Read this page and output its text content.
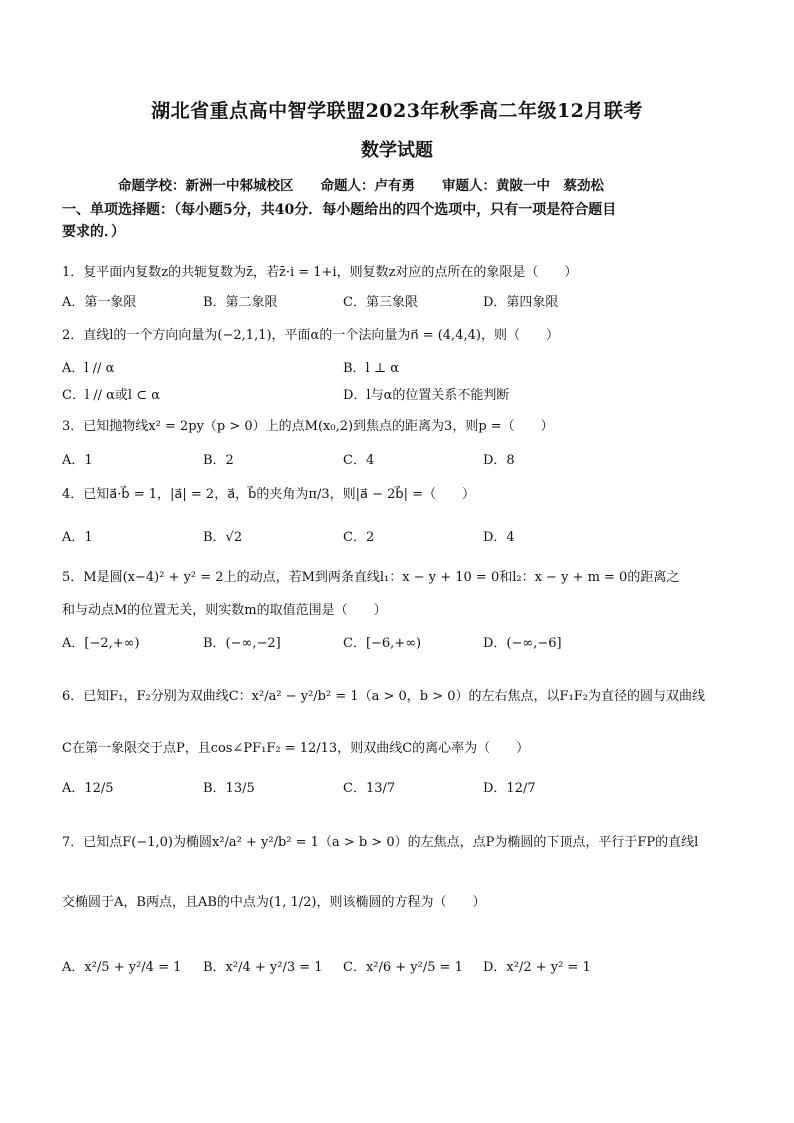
湖北省重点高中智学联盟2023年秋季高二年级12月联考
数学试题
命题学校：新洲一中邾城校区　　命题人：卢有勇　　审题人：黄陂一中　蔡劲松
一、单项选择题：（每小题5分，共40分．每小题给出的四个选项中，只有一项是符合题目
要求的．）
1．复平面内复数z的共轭复数为z̄，若z̄·i = 1+i，则复数z对应的点所在的象限是（　　）
A．第一象限	B．第二象限	C．第三象限	D．第四象限
2．直线l的一个方向向量为(−2,1,1)，平面α的一个法向量为n⃗ = (4,4,4)，则（　　）
A．l // α	B．l ⊥ α
C．l // α或l ⊂ α	D．l与α的位置关系不能判断
3．已知抛物线x² = 2py（p > 0）上的点M(x₀,2)到焦点的距离为3，则p =（　　）
A．1	B．2	C．4	D．8
4．已知a⃗·b⃗ = 1，|a⃗| = 2，a⃗，b⃗的夹角为π/3，则|a⃗ − 2b⃗| =（　　）
A．1	B．√2	C．2	D．4
5．M是圆(x−4)² + y² = 2上的动点，若M到两条直线l₁：x − y + 10 = 0和l₂：x − y + m = 0的距离之
和与动点M的位置无关，则实数m的取值范围是（　　）
A．[−2,+∞)	B．(−∞,−2]	C．[−6,+∞)	D．(−∞,−6]
6．已知F₁，F₂分别为双曲线C：x²/a² − y²/b² = 1（a > 0，b > 0）的左右焦点，以F₁F₂为直径的圆与双曲线
C在第一象限交于点P，且cos∠PF₁F₂ = 12/13，则双曲线C的离心率为（　　）
A．12/5	B．13/5	C．13/7	D．12/7
7．已知点F(−1,0)为椭圆x²/a² + y²/b² = 1（a > b > 0）的左焦点，点P为椭圆的下顶点，平行于FP的直线l
交椭圆于A，B两点，且AB的中点为(1, 1/2)，则该椭圆的方程为（　　）
A．x²/5 + y²/4 = 1 B．x²/4 + y²/3 = 1 C．x²/6 + y²/5 = 1 D．x²/2 + y² = 1
